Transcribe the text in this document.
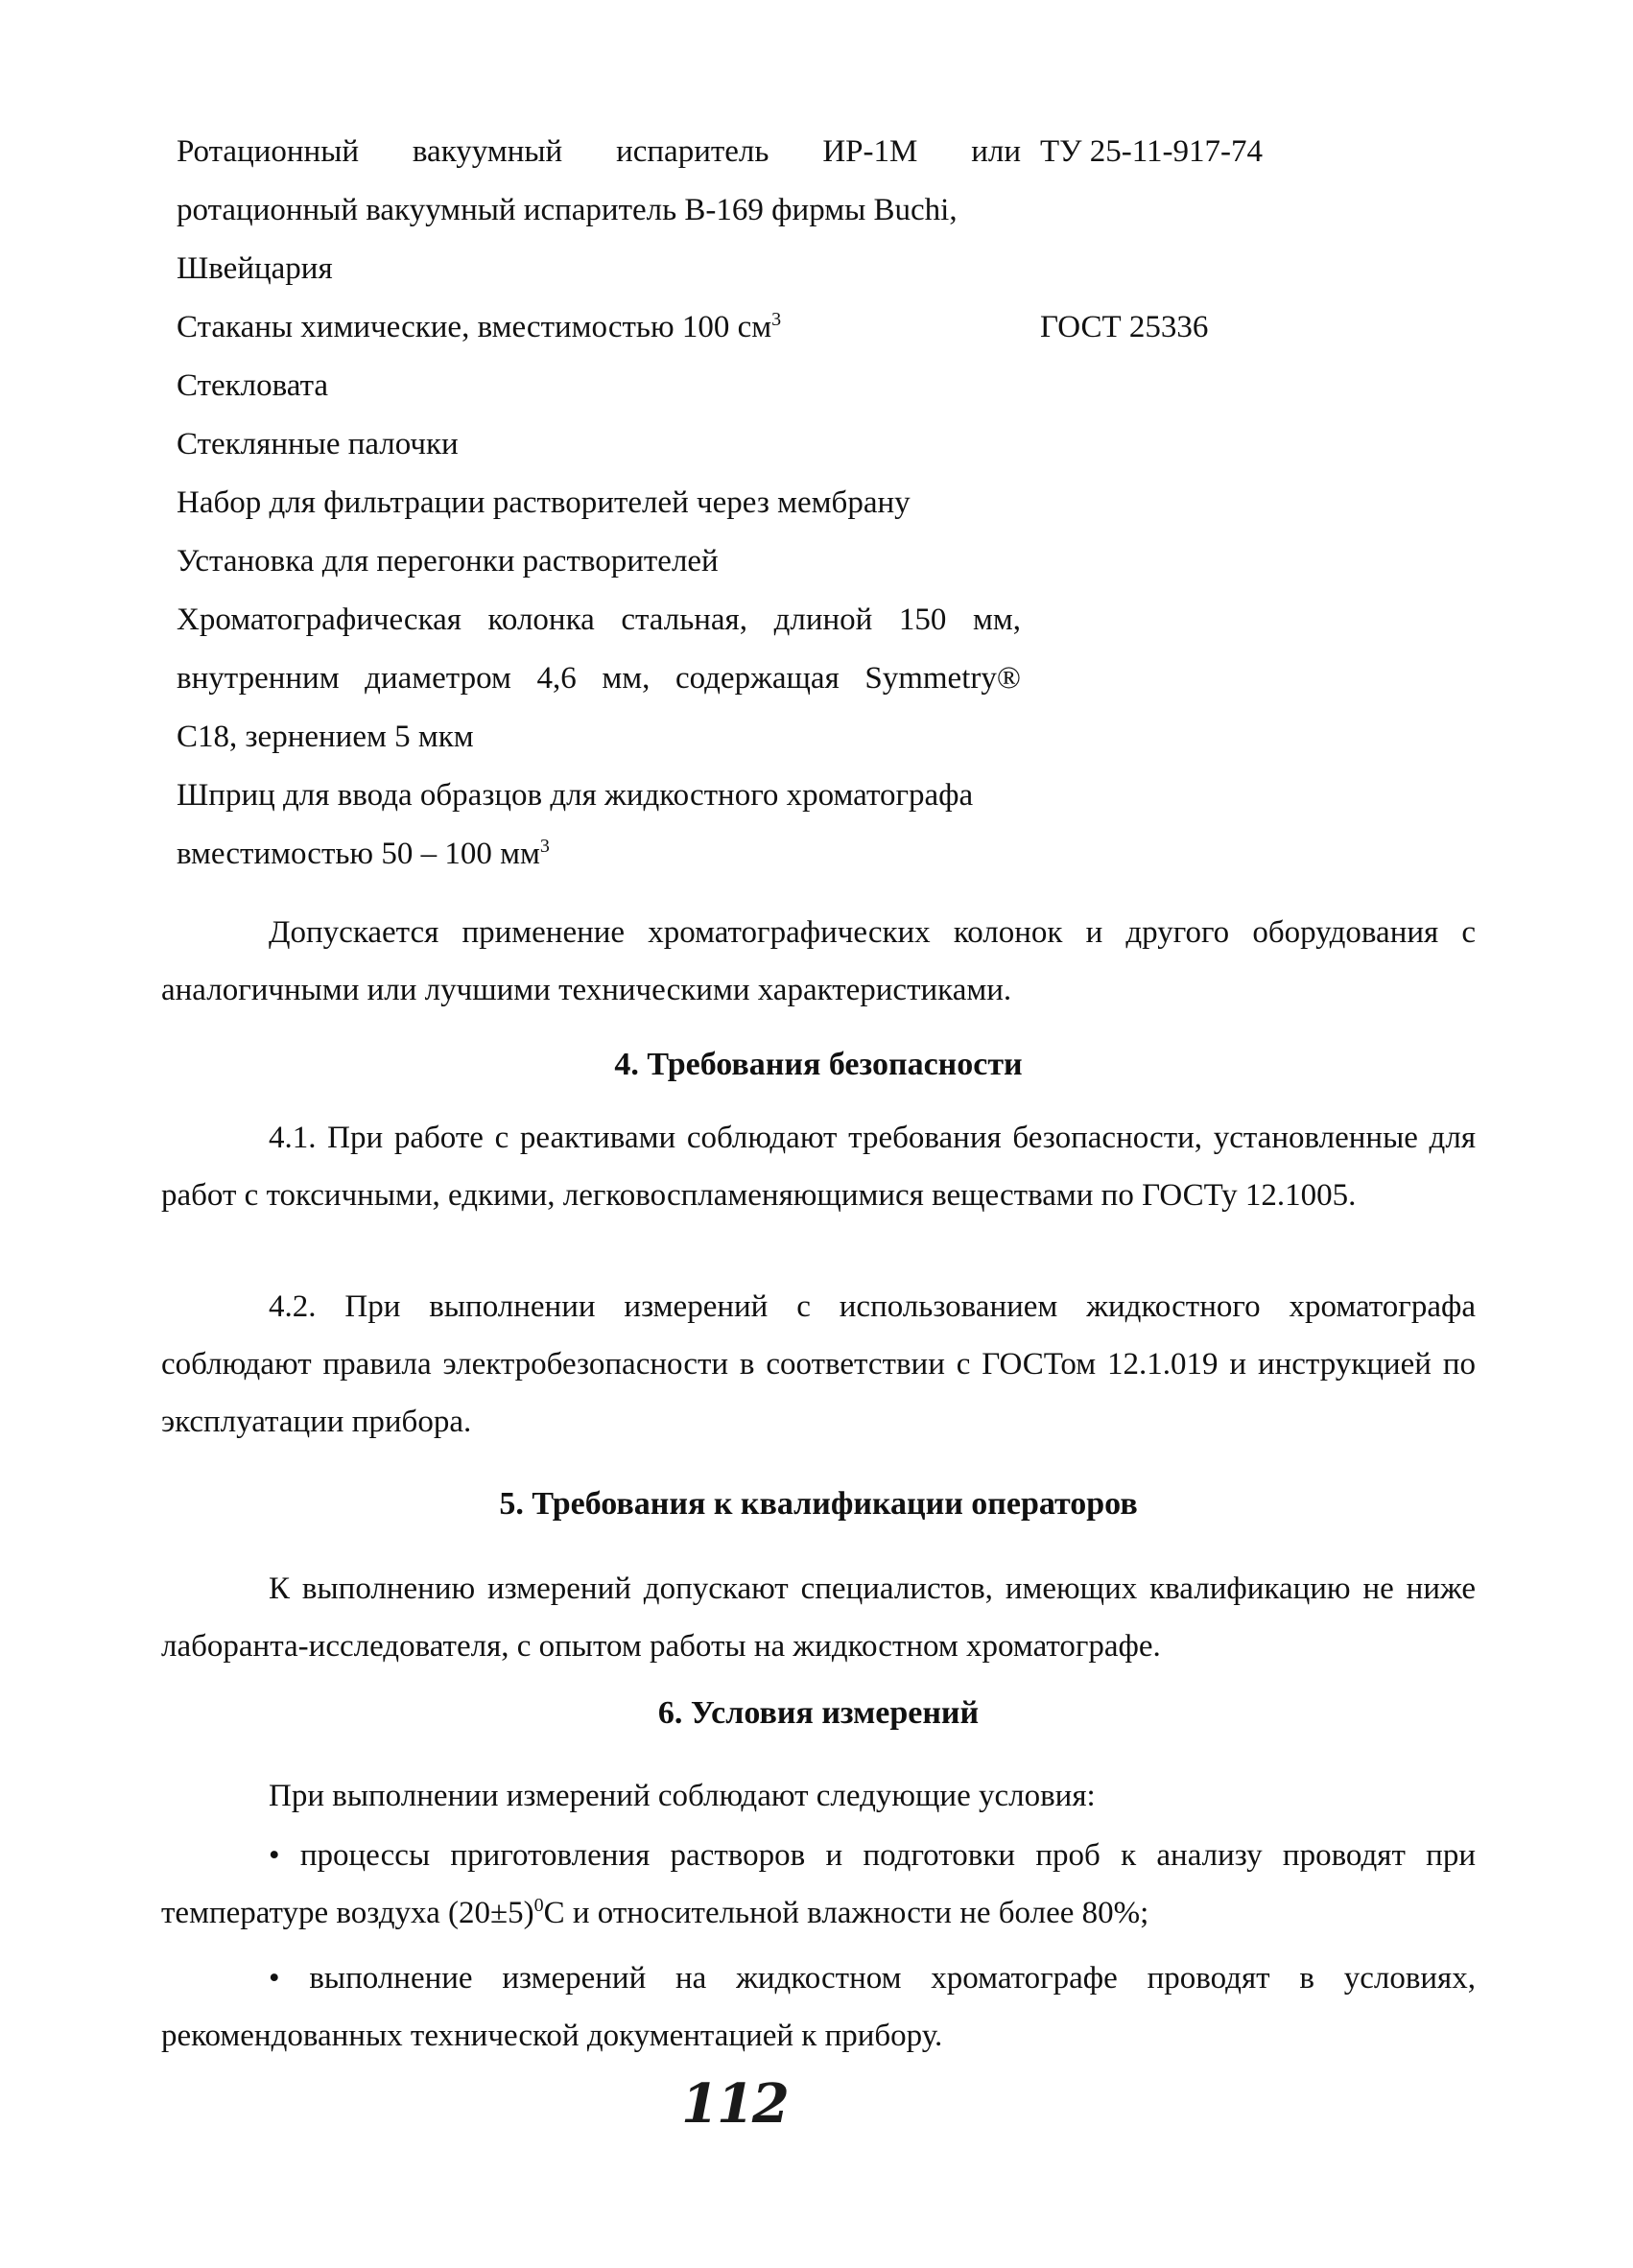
Ротационный вакуумный испаритель ИР-1М или ТУ 25-11-917-74
ротационный вакуумный испаритель В-169 фирмы Buchi,
Швейцария
Стаканы химические, вместимостью 100 $см^3$	ГОСТ 25336
Стекловата
Стеклянные палочки
Набор для фильтрации растворителей через мембрану
Установка для перегонки растворителей
Хроматографическая колонка стальная, длиной 150 мм,
внутренним диаметром 4,6 мм, содержащая Symmetry®
С18, зернением 5 мкм
Шприц для ввода образцов для жидкостного хроматографа
вместимостью 50 – 100 $мм^3$
Допускается применение хроматографических колонок и другого оборудования с аналогичными или лучшими техническими характеристиками.
4. Требования безопасности
4.1. При работе с реактивами соблюдают требования безопасности, установленные для работ с токсичными, едкими, легковоспламеняющимися веществами по ГОСТу 12.1005.
4.2. При выполнении измерений с использованием жидкостного хроматографа соблюдают правила электробезопасности в соответствии с ГОСТом 12.1.019 и инструкцией по эксплуатации прибора.
5. Требования к квалификации операторов
К выполнению измерений допускают специалистов, имеющих квалификацию не ниже лаборанта-исследователя, с опытом работы на жидкостном хроматографе.
6. Условия измерений
При выполнении измерений соблюдают следующие условия:
• процессы приготовления растворов и подготовки проб к анализу проводят при температуре воздуха $(20\pm 5)^0С$ и относительной влажности не более 80%;
• выполнение измерений на жидкостном хроматографе проводят в условиях, рекомендованных технической документацией к прибору.
112
